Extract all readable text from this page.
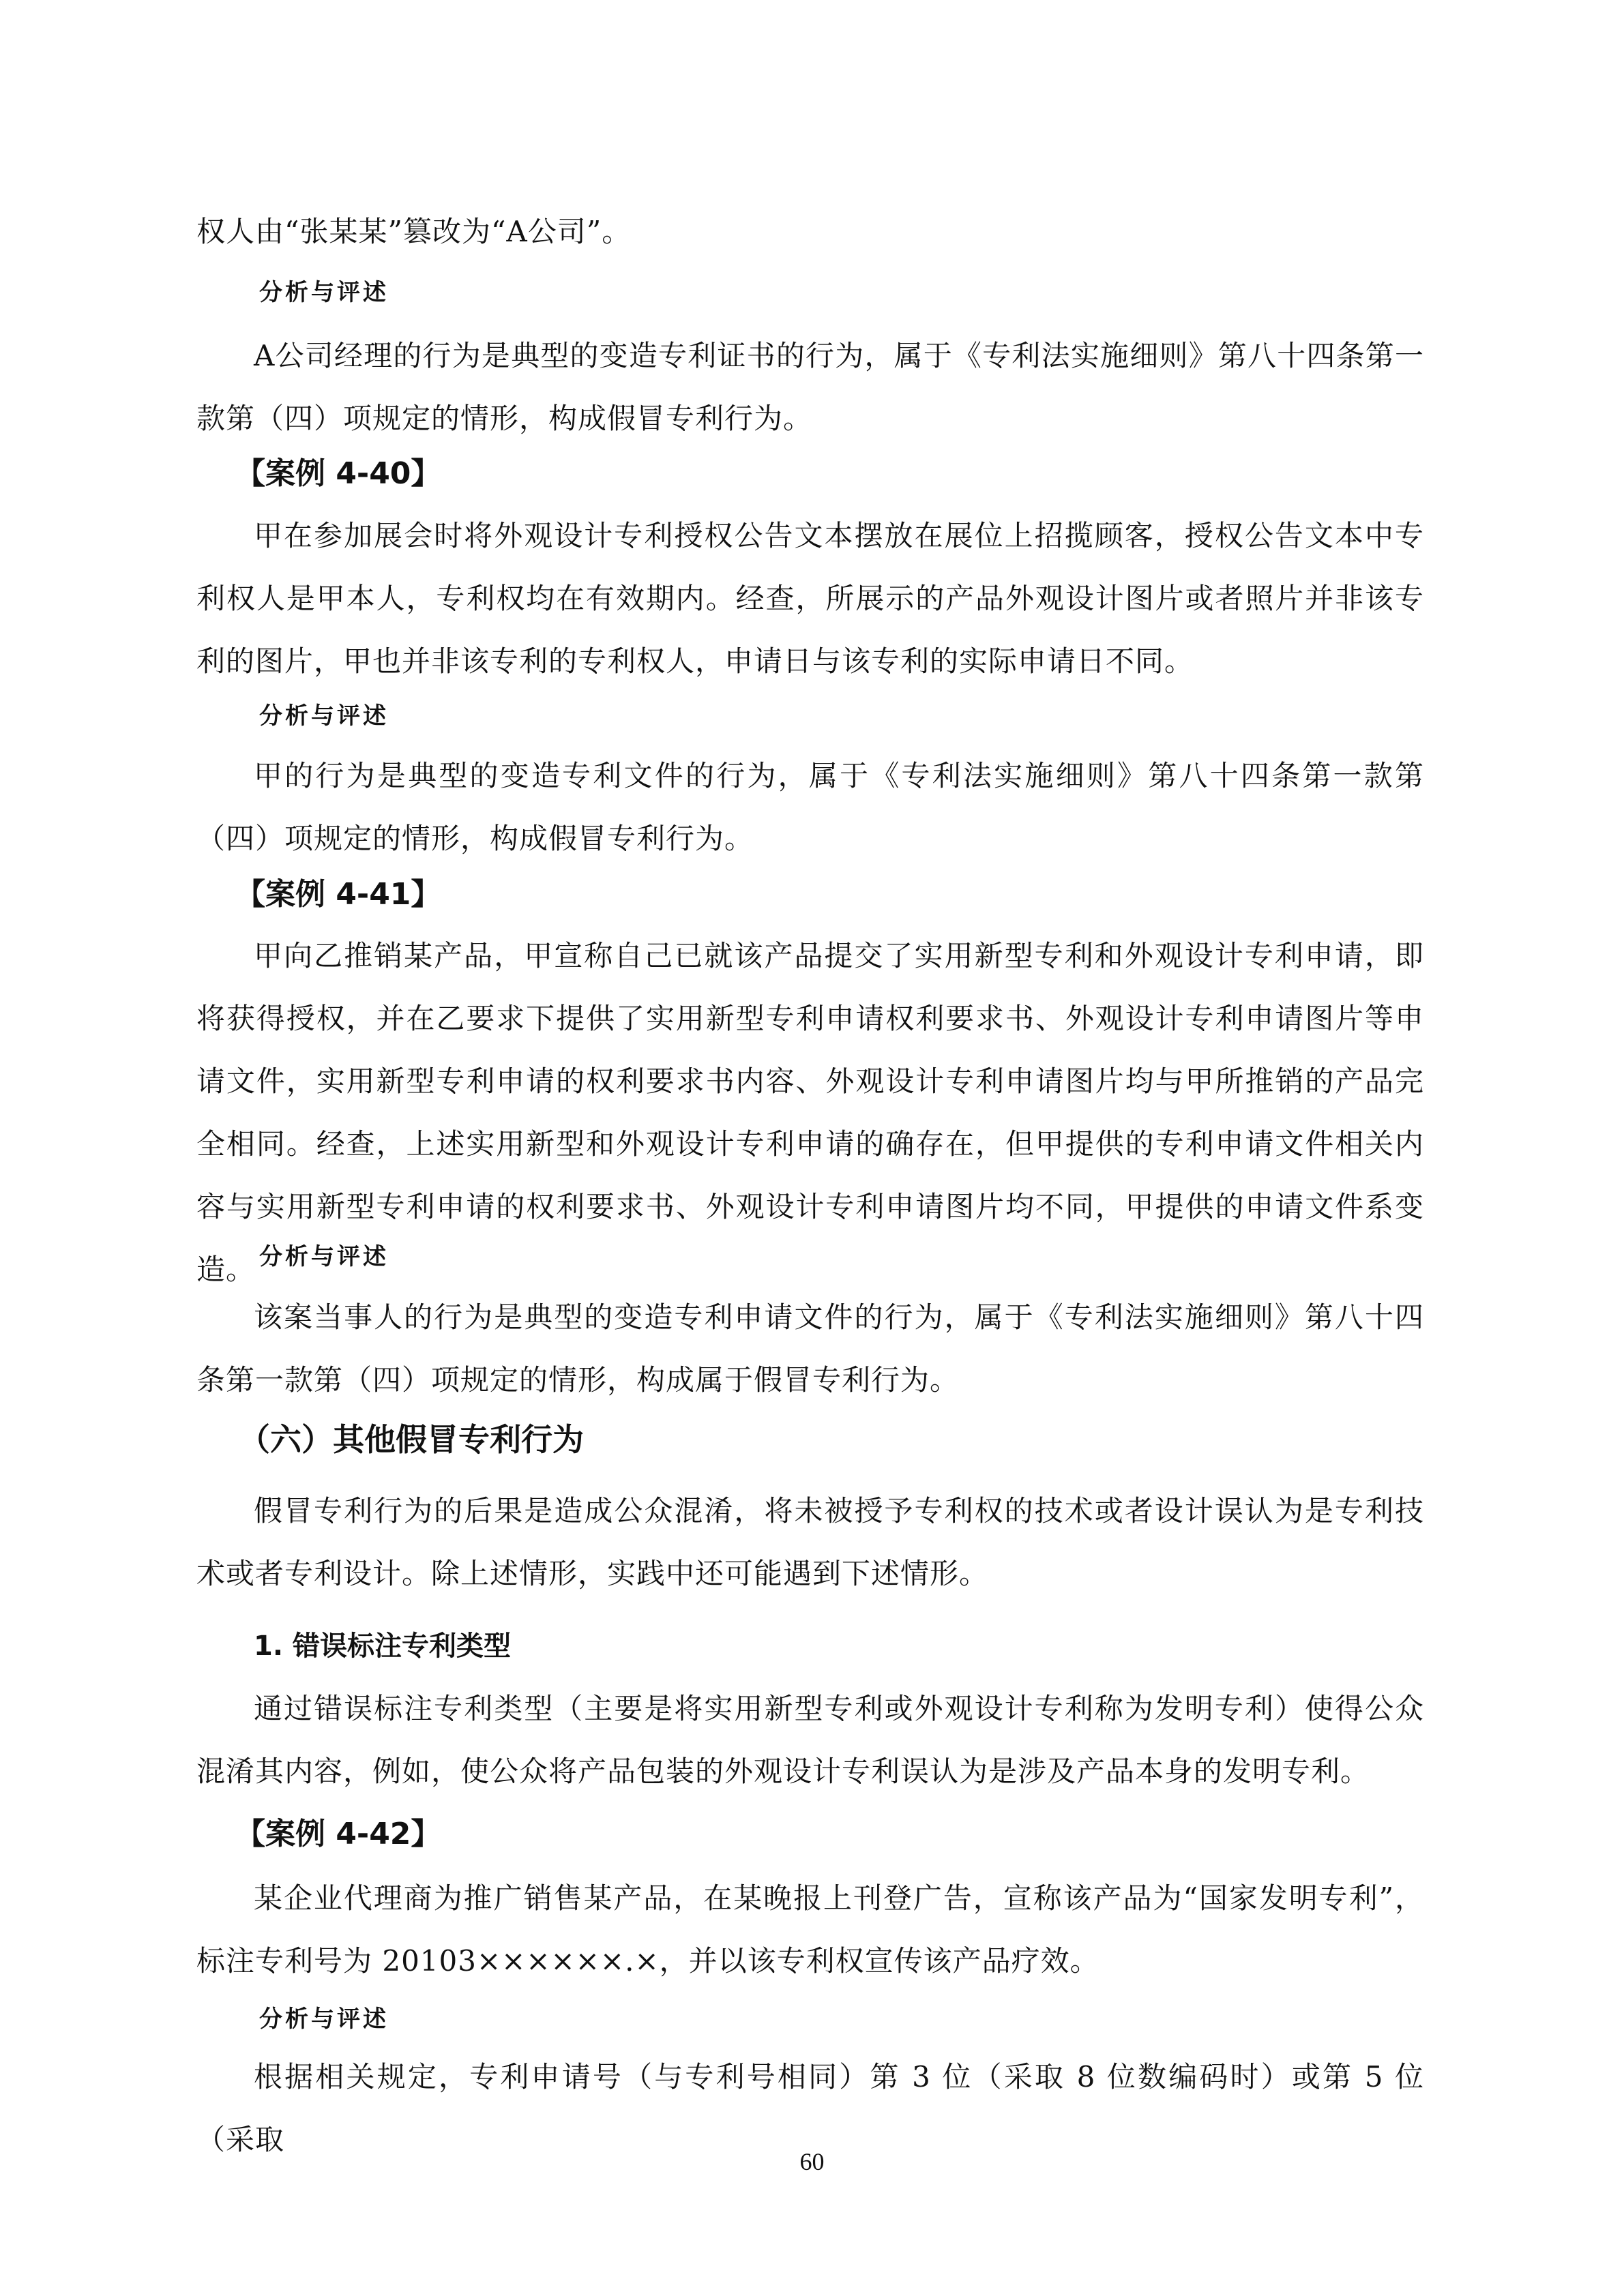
权人由“张某某”篡改为“A公司”。

分析与评述

A公司经理的行为是典型的变造专利证书的行为，属于《专利法实施细则》第八十四条第一款第（四）项规定的情形，构成假冒专利行为。

【案例 4-40】

甲在参加展会时将外观设计专利授权公告文本摆放在展位上招揽顾客，授权公告文本中专利权人是甲本人，专利权均在有效期内。经查，所展示的产品外观设计图片或者照片并非该专利的图片，甲也并非该专利的专利权人，申请日与该专利的实际申请日不同。

分析与评述

甲的行为是典型的变造专利文件的行为，属于《专利法实施细则》第八十四条第一款第（四）项规定的情形，构成假冒专利行为。

【案例 4-41】

甲向乙推销某产品，甲宣称自己已就该产品提交了实用新型专利和外观设计专利申请，即将获得授权，并在乙要求下提供了实用新型专利申请权利要求书、外观设计专利申请图片等申请文件，实用新型专利申请的权利要求书内容、外观设计专利申请图片均与甲所推销的产品完全相同。经查，上述实用新型和外观设计专利申请的确存在，但甲提供的专利申请文件相关内容与实用新型专利申请的权利要求书、外观设计专利申请图片均不同，甲提供的申请文件系变造。 分析与评述

该案当事人的行为是典型的变造专利申请文件的行为，属于《专利法实施细则》第八十四条第一款第（四）项规定的情形，构成属于假冒专利行为。

（六）其他假冒专利行为

假冒专利行为的后果是造成公众混淆，将未被授予专利权的技术或者设计误认为是专利技术或者专利设计。除上述情形，实践中还可能遇到下述情形。

1. 错误标注专利类型

通过错误标注专利类型（主要是将实用新型专利或外观设计专利称为发明专利）使得公众混淆其内容，例如，使公众将产品包装的外观设计专利误认为是涉及产品本身的发明专利。

【案例 4-42】

某企业代理商为推广销售某产品，在某晚报上刊登广告，宣称该产品为“国家发明专利”，标注专利号为 20103××××××.×，并以该专利权宣传该产品疗效。

分析与评述

根据相关规定，专利申请号（与专利号相同）第 3 位（采取 8 位数编码时）或第 5 位（采取

60
